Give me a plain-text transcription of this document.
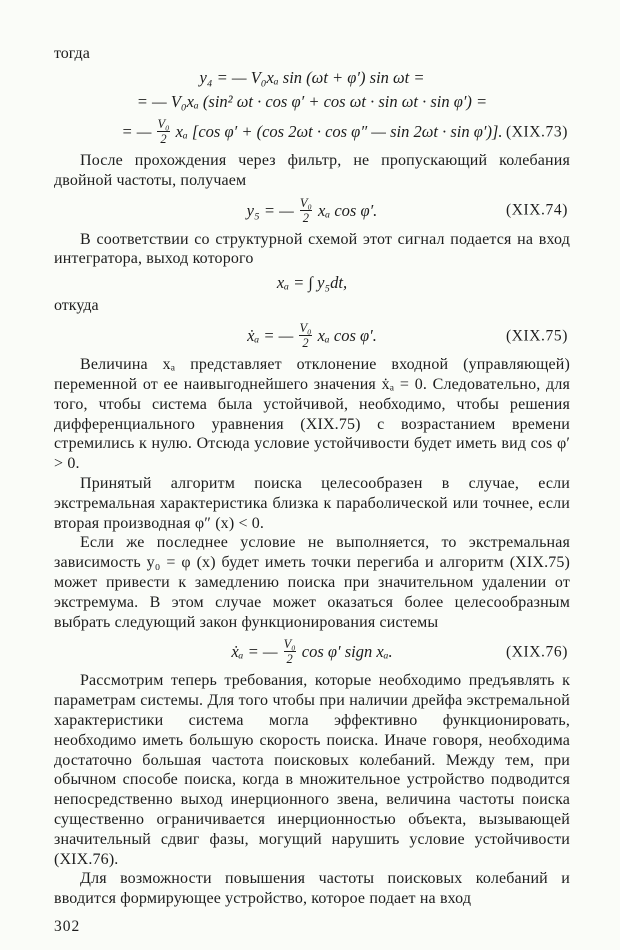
тогда
y₄ = — V₀xₐ sin (ωt + φ′) sin ωt =
= — V₀xₐ (sin² ωt · cos φ′ + cos ωt · sin ωt · sin φ′) =
= — $\frac{\text{V₀}}{2}$ xₐ [cos φ′ + (cos 2ωt · cos φ″ — sin 2ωt · sin φ′)]. (XIX.73)

После прохождения через фильтр, не пропускающий колебания двойной частоты, получаем

y₅ = — $\frac{\text{V₀}}{2}$ xₐ cos φ′.	(XIX.74)

В соответствии со структурной схемой этот сигнал подается на вход интегратора, выход которого

xₐ = ∫ y₅dt,
откуда
ẋₐ = — $\frac{\text{V₀}}{2}$ xₐ cos φ′.	(XIX.75)

Величина xₐ представляет отклонение входной (управляющей) переменной от ее наивыгоднейшего значения ẋₐ = 0. Следовательно, для того, чтобы система была устойчивой, необходимо, чтобы решения дифференциального уравнения (XIX.75) с возрастанием времени стремились к нулю. Отсюда условие устойчивости будет иметь вид cos φ′ > 0.

Принятый алгоритм поиска целесообразен в случае, если экстремальная характеристика близка к параболической или точнее, если вторая производная φ″ (x) < 0.

Если же последнее условие не выполняется, то экстремальная зависимость y₀ = φ (x) будет иметь точки перегиба и алгоритм (XIX.75) может привести к замедлению поиска при значительном удалении от экстремума. В этом случае может оказаться более целесообразным выбрать следующий закон функционирования системы

ẋₐ = — $\frac{\text{V₀}}{2}$ cos φ′ sign xₐ.	(XIX.76)

Рассмотрим теперь требования, которые необходимо предъявлять к параметрам системы. Для того чтобы при наличии дрейфа экстремальной характеристики система могла эффективно функционировать, необходимо иметь большую скорость поиска. Иначе говоря, необходима достаточно большая частота поисковых колебаний. Между тем, при обычном способе поиска, когда в множительное устройство подводится непосредственно выход инерционного звена, величина частоты поиска существенно ограничивается инерционностью объекта, вызывающей значительный сдвиг фазы, могущий нарушить условие устойчивости (XIX.76).

Для возможности повышения частоты поисковых колебаний и вводится формирующее устройство, которое подает на вход

302
